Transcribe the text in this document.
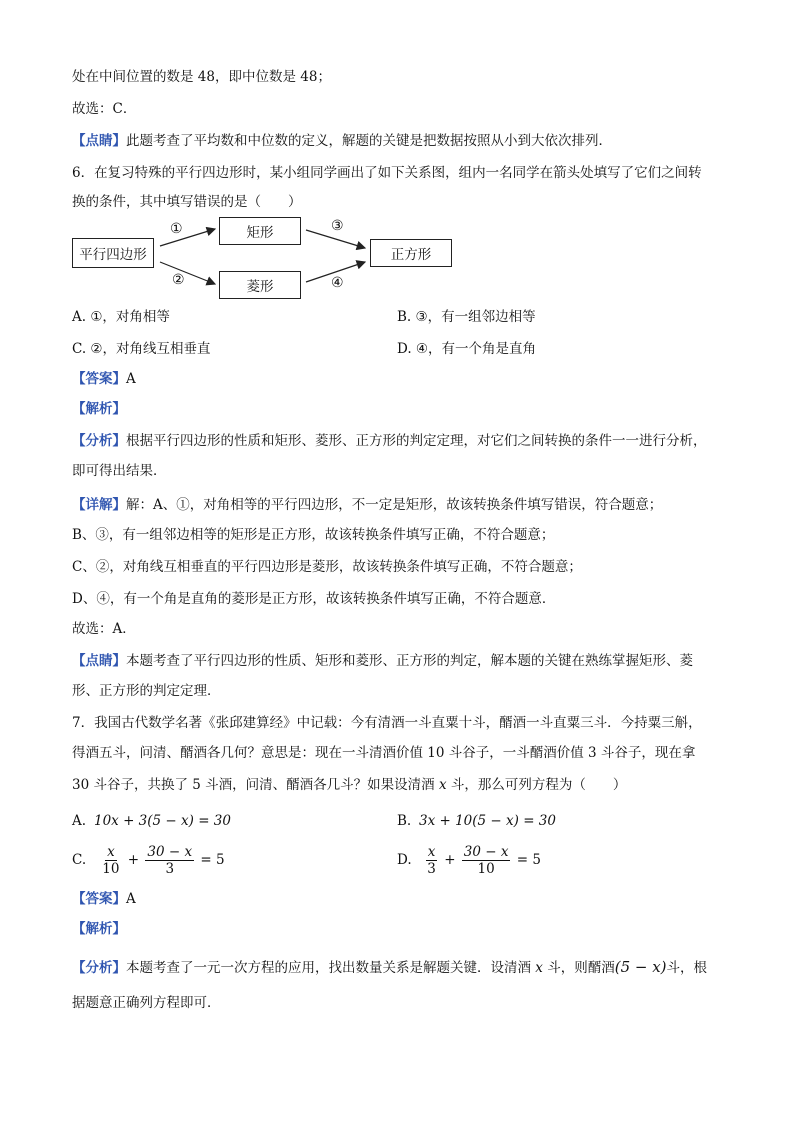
处在中间位置的数是 48，即中位数是 48；
故选：C．
【点睛】此题考查了平均数和中位数的定义，解题的关键是把数据按照从小到大依次排列．
6．在复习特殊的平行四边形时，某小组同学画出了如下关系图，组内一名同学在箭头处填写了它们之间转
换的条件，其中填写错误的是（　　）
平行四边形
矩形
菱形
正方形
①
②
③
④
A. ①，对角相等	B. ③，有一组邻边相等
C. ②，对角线互相垂直	D. ④，有一个角是直角
【答案】A
【解析】
【分析】根据平行四边形的性质和矩形、菱形、正方形的判定定理，对它们之间转换的条件一一进行分析，
即可得出结果．
【详解】解：A、①，对角相等的平行四边形，不一定是矩形，故该转换条件填写错误，符合题意；
B、③，有一组邻边相等的矩形是正方形，故该转换条件填写正确，不符合题意；
C、②，对角线互相垂直的平行四边形是菱形，故该转换条件填写正确，不符合题意；
D、④，有一个角是直角的菱形是正方形，故该转换条件填写正确，不符合题意．
故选：A．
【点睛】本题考查了平行四边形的性质、矩形和菱形、正方形的判定，解本题的关键在熟练掌握矩形、菱
形、正方形的判定定理．
7．我国古代数学名著《张邱建算经》中记载：今有清酒一斗直粟十斗，醑酒一斗直粟三斗．今持粟三斛，
得酒五斗，问清、醑酒各几何？意思是：现在一斗清酒价值 10 斗谷子，一斗醑酒价值 3 斗谷子，现在拿
30 斗谷子，共换了 5 斗酒，问清、醑酒各几斗？如果设清酒 x 斗，那么可列方程为（　　）
A. 10x + 3(5 − x) = 30	B. 3x + 10(5 − x) = 30
C. $\frac{x}{10} + \frac{30 - x}{3} = 5$	D. $\frac{x}{3} + \frac{30 - x}{10} = 5$
【答案】A
【解析】
【分析】本题考查了一元一次方程的应用，找出数量关系是解题关键．设清酒 x 斗，则醑酒(5 − x)斗，根
据题意正确列方程即可．
